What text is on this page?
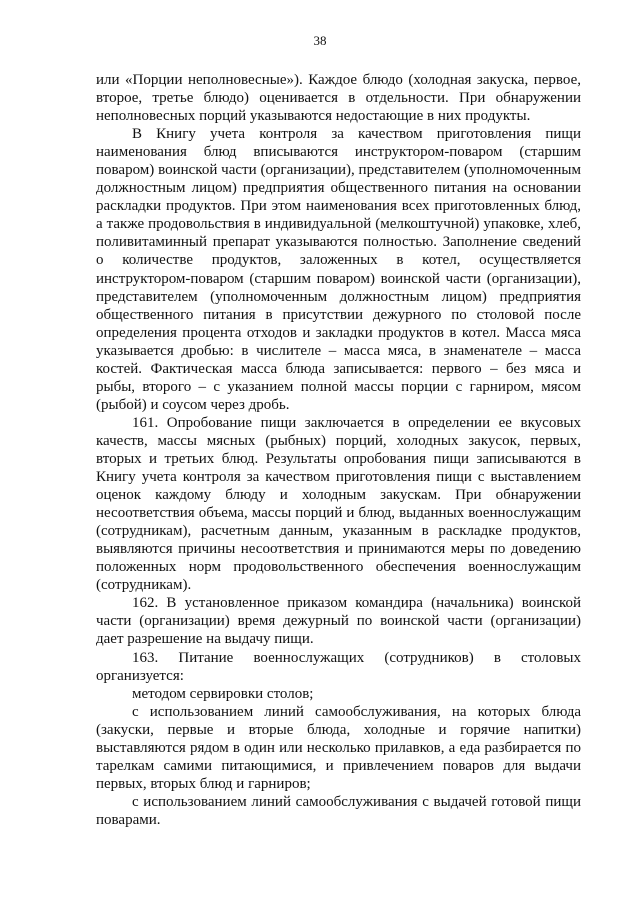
38

или «Порции неполновесные»). Каждое блюдо (холодная закуска, первое, второе, третье блюдо) оценивается в отдельности. При обнаружении неполновесных порций указываются недостающие в них продукты.

В Книгу учета контроля за качеством приготовления пищи наименования блюд вписываются инструктором-поваром (старшим поваром) воинской части (организации), представителем (уполномоченным должностным лицом) предприятия общественного питания на основании раскладки продуктов. При этом наименования всех приготовленных блюд, а также продовольствия в индивидуальной (мелкоштучной) упаковке, хлеб, поливитаминный препарат указываются полностью. Заполнение сведений о количестве продуктов, заложенных в котел, осуществляется инструктором-поваром (старшим поваром) воинской части (организации), представителем (уполномоченным должностным лицом) предприятия общественного питания в присутствии дежурного по столовой после определения процента отходов и закладки продуктов в котел. Масса мяса указывается дробью: в числителе – масса мяса, в знаменателе – масса костей. Фактическая масса блюда записывается: первого – без мяса и рыбы, второго – с указанием полной массы порции с гарниром, мясом (рыбой) и соусом через дробь.

161. Опробование пищи заключается в определении ее вкусовых качеств, массы мясных (рыбных) порций, холодных закусок, первых, вторых и третьих блюд. Результаты опробования пищи записываются в Книгу учета контроля за качеством приготовления пищи с выставлением оценок каждому блюду и холодным закускам. При обнаружении несоответствия объема, массы порций и блюд, выданных военнослужащим (сотрудникам), расчетным данным, указанным в раскладке продуктов, выявляются причины несоответствия и принимаются меры по доведению положенных норм продовольственного обеспечения военнослужащим (сотрудникам).

162. В установленное приказом командира (начальника) воинской части (организации) время дежурный по воинской части (организации) дает разрешение на выдачу пищи.

163. Питание военнослужащих (сотрудников) в столовых организуется:

методом сервировки столов;

с использованием линий самообслуживания, на которых блюда (закуски, первые и вторые блюда, холодные и горячие напитки) выставляются рядом в один или несколько прилавков, а еда разбирается по тарелкам самими питающимися, и привлечением поваров для выдачи первых, вторых блюд и гарниров;

с использованием линий самообслуживания с выдачей готовой пищи поварами.
